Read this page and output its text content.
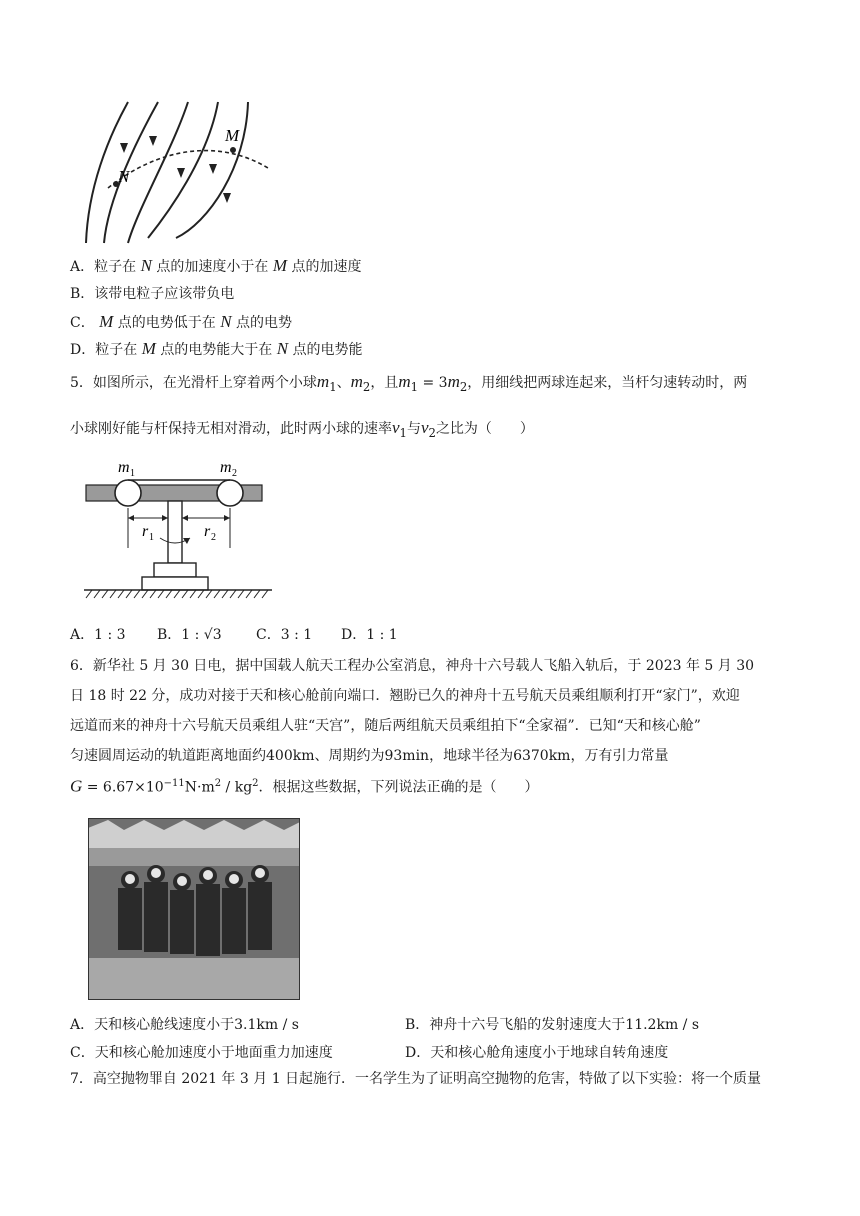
N
M
A．粒子在 N 点的加速度小于在 M 点的加速度
B．该带电粒子应该带负电
C． M 点的电势低于在 N 点的电势
D．粒子在 M 点的电势能大于在 N 点的电势能
5．如图所示，在光滑杆上穿着两个小球$m_1$、$m_2$，且$m_1 = 3m_2$，用细线把两球连起来，当杆匀速转动时，两
小球刚好能与杆保持无相对滑动，此时两小球的速率$v_1$与$v_2$之比为（　　）
m 1	m 2
r 1	r 2
A．1 : 3 B．1 : √3 C．3 : 1 D．1 : 1
6．新华社 5 月 30 日电，据中国载人航天工程办公室消息，神舟十六号载人飞船入轨后，于 2023 年 5 月 30
日 18 时 22 分，成功对接于天和核心舱前向端口．翘盼已久的神舟十五号航天员乘组顺利打开“家门”，欢迎
远道而来的神舟十六号航天员乘组人驻“天宫”，随后两组航天员乘组拍下“全家福”．已知“天和核心舱”
匀速圆周运动的轨道距离地面约400km、周期约为93min，地球半径为6370km，万有引力常量
$G = 6.67\times 10^{-11}N\cdot m^2 / kg^2$．根据这些数据，下列说法正确的是（　　）
A．天和核心舱线速度小于3.1km / s	B．神舟十六号飞船的发射速度大于11.2km / s
C．天和核心舱加速度小于地面重力加速度	D．天和核心舱角速度小于地球自转角速度
7．高空抛物罪自 2021 年 3 月 1 日起施行．一名学生为了证明高空抛物的危害，特做了以下实验：将一个质量
